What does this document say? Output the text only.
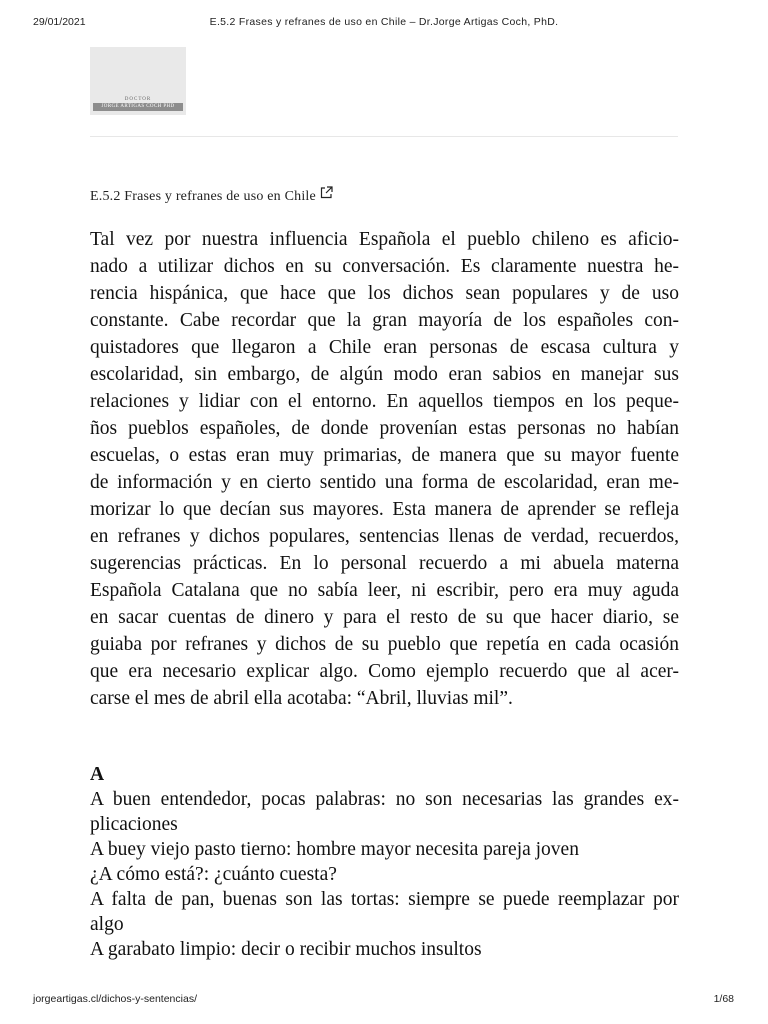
29/01/2021	E.5.2 Frases y refranes de uso en Chile – Dr.Jorge Artigas Coch, PhD.
DOCTOR
JORGE ARTIGAS COCH PHD
E.5.2 Frases y refranes de uso en Chile
Tal vez por nuestra influencia Española el pueblo chileno es aficio-
nado a utilizar dichos en su conversación. Es claramente nuestra he-
rencia hispánica, que hace que los dichos sean populares y de uso
constante. Cabe recordar que la gran mayoría de los españoles con-
quistadores que llegaron a Chile eran personas de escasa cultura y
escolaridad, sin embargo, de algún modo eran sabios en manejar sus
relaciones y lidiar con el entorno. En aquellos tiempos en los peque-
ños pueblos españoles, de donde provenían estas personas no habían
escuelas, o estas eran muy primarias, de manera que su mayor fuente
de información y en cierto sentido una forma de escolaridad, eran me-
morizar lo que decían sus mayores. Esta manera de aprender se refleja
en refranes y dichos populares, sentencias llenas de verdad, recuerdos,
sugerencias prácticas. En lo personal recuerdo a mi abuela materna
Española Catalana que no sabía leer, ni escribir, pero era muy aguda
en sacar cuentas de dinero y para el resto de su que hacer diario, se
guiaba por refranes y dichos de su pueblo que repetía en cada ocasión
que era necesario explicar algo. Como ejemplo recuerdo que al acer-
carse el mes de abril ella acotaba: “Abril, lluvias mil”.
A
A buen entendedor, pocas palabras: no son necesarias las grandes ex-
plicaciones
A buey viejo pasto tierno: hombre mayor necesita pareja joven
¿A cómo está?: ¿cuánto cuesta?
A falta de pan, buenas son las tortas: siempre se puede reemplazar por
algo
A garabato limpio: decir o recibir muchos insultos
jorgeartigas.cl/dichos-y-sentencias/	1/68
